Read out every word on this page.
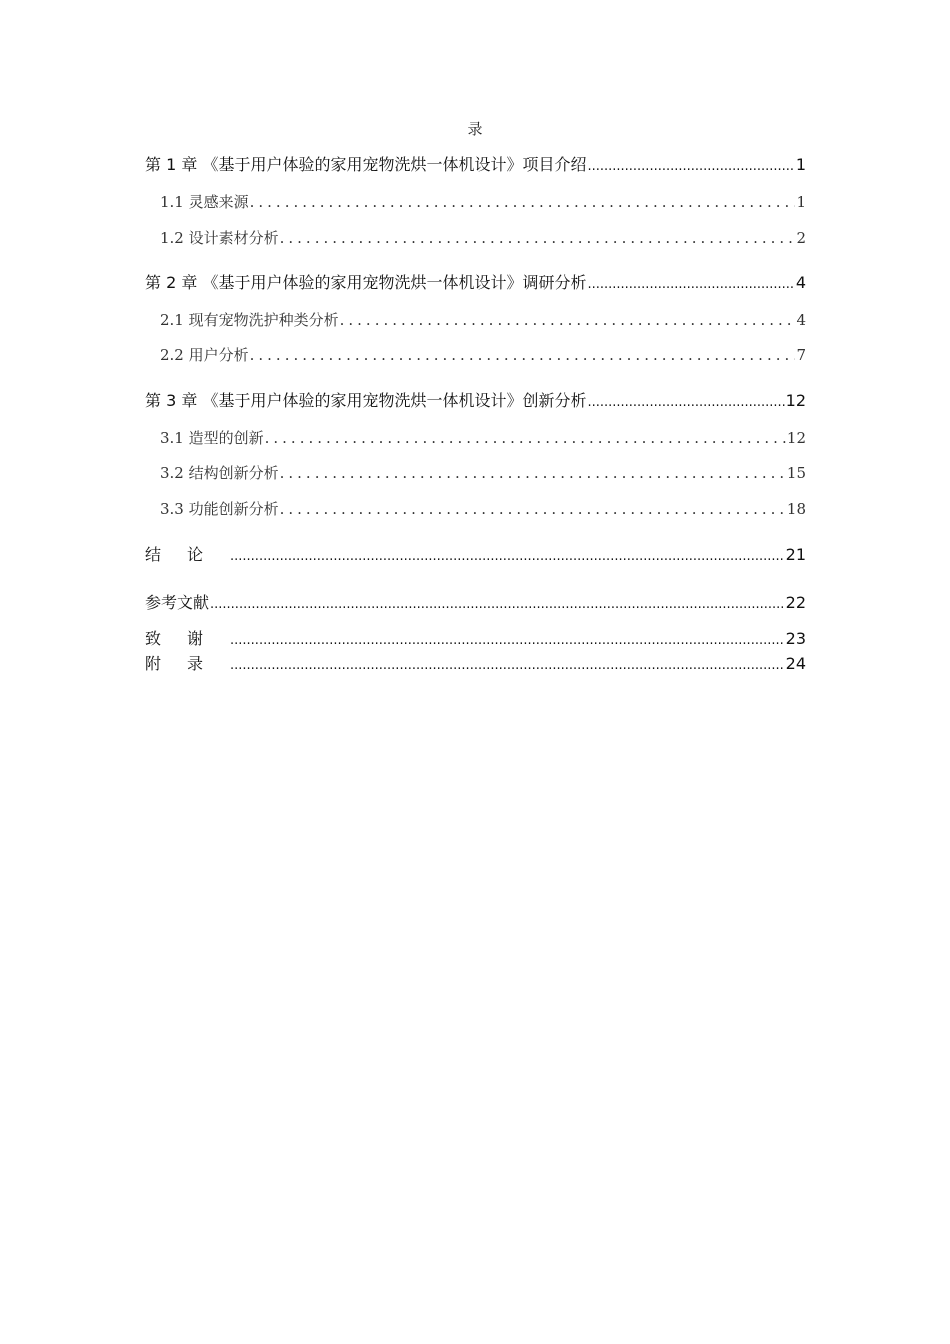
录
第 1 章 《基于用户体验的家用宠物洗烘一体机设计》项目介绍 .....	1
1.1 灵感来源 .....	1
1.2 设计素材分析 .....	2
第 2 章 《基于用户体验的家用宠物洗烘一体机设计》调研分析 .....	4
2.1 现有宠物洗护种类分析 .....	4
2.2 用户分析 .....	7
第 3 章 《基于用户体验的家用宠物洗烘一体机设计》创新分析 .....	12
3.1 造型的创新 .....	12
3.2 结构创新分析 .....	15
3.3 功能创新分析 .....	18
结论 .....	21
参考文献 .....	22
致谢 .....	23
附录 .....	24
